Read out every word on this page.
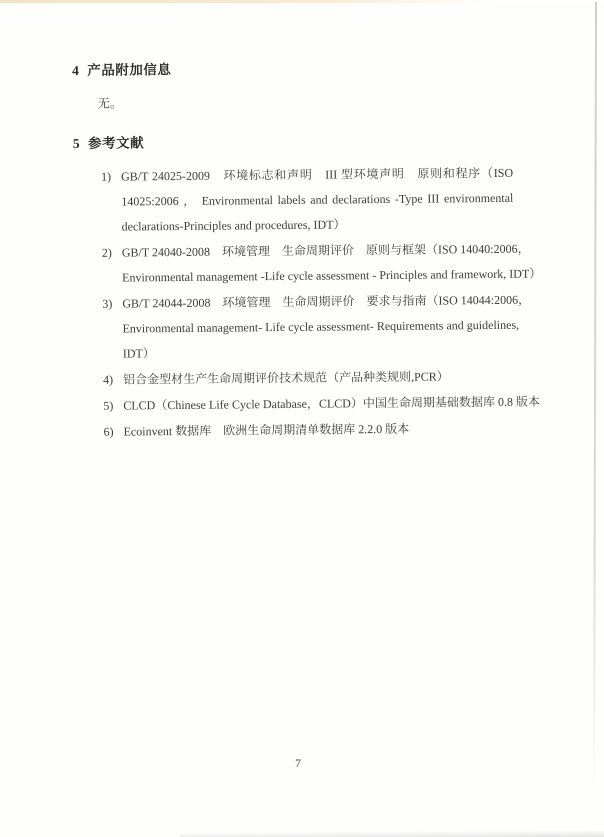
4 产品附加信息

无。

5 参考文献
1) GB/T 24025-2009　环境标志和声明　III 型环境声明　原则和程序（ISO
14025:2006 ， Environmental labels and declarations -Type III environmental
declarations-Principles and procedures, IDT）
2) GB/T 24040-2008　环境管理　生命周期评价　原则与框架（ISO 14040:2006，
Environmental management -Life cycle assessment - Principles and framework, IDT）
3) GB/T 24044-2008　环境管理　生命周期评价　要求与指南（ISO 14044:2006，
Environmental management- Life cycle assessment- Requirements and guidelines,
IDT）
4) 铝合金型材生产生命周期评价技术规范（产品种类规则,PCR）
5) CLCD（Chinese Life Cycle Database，CLCD）中国生命周期基础数据库 0.8 版本
6) Ecoinvent 数据库　欧洲生命周期清单数据库 2.2.0 版本
7
